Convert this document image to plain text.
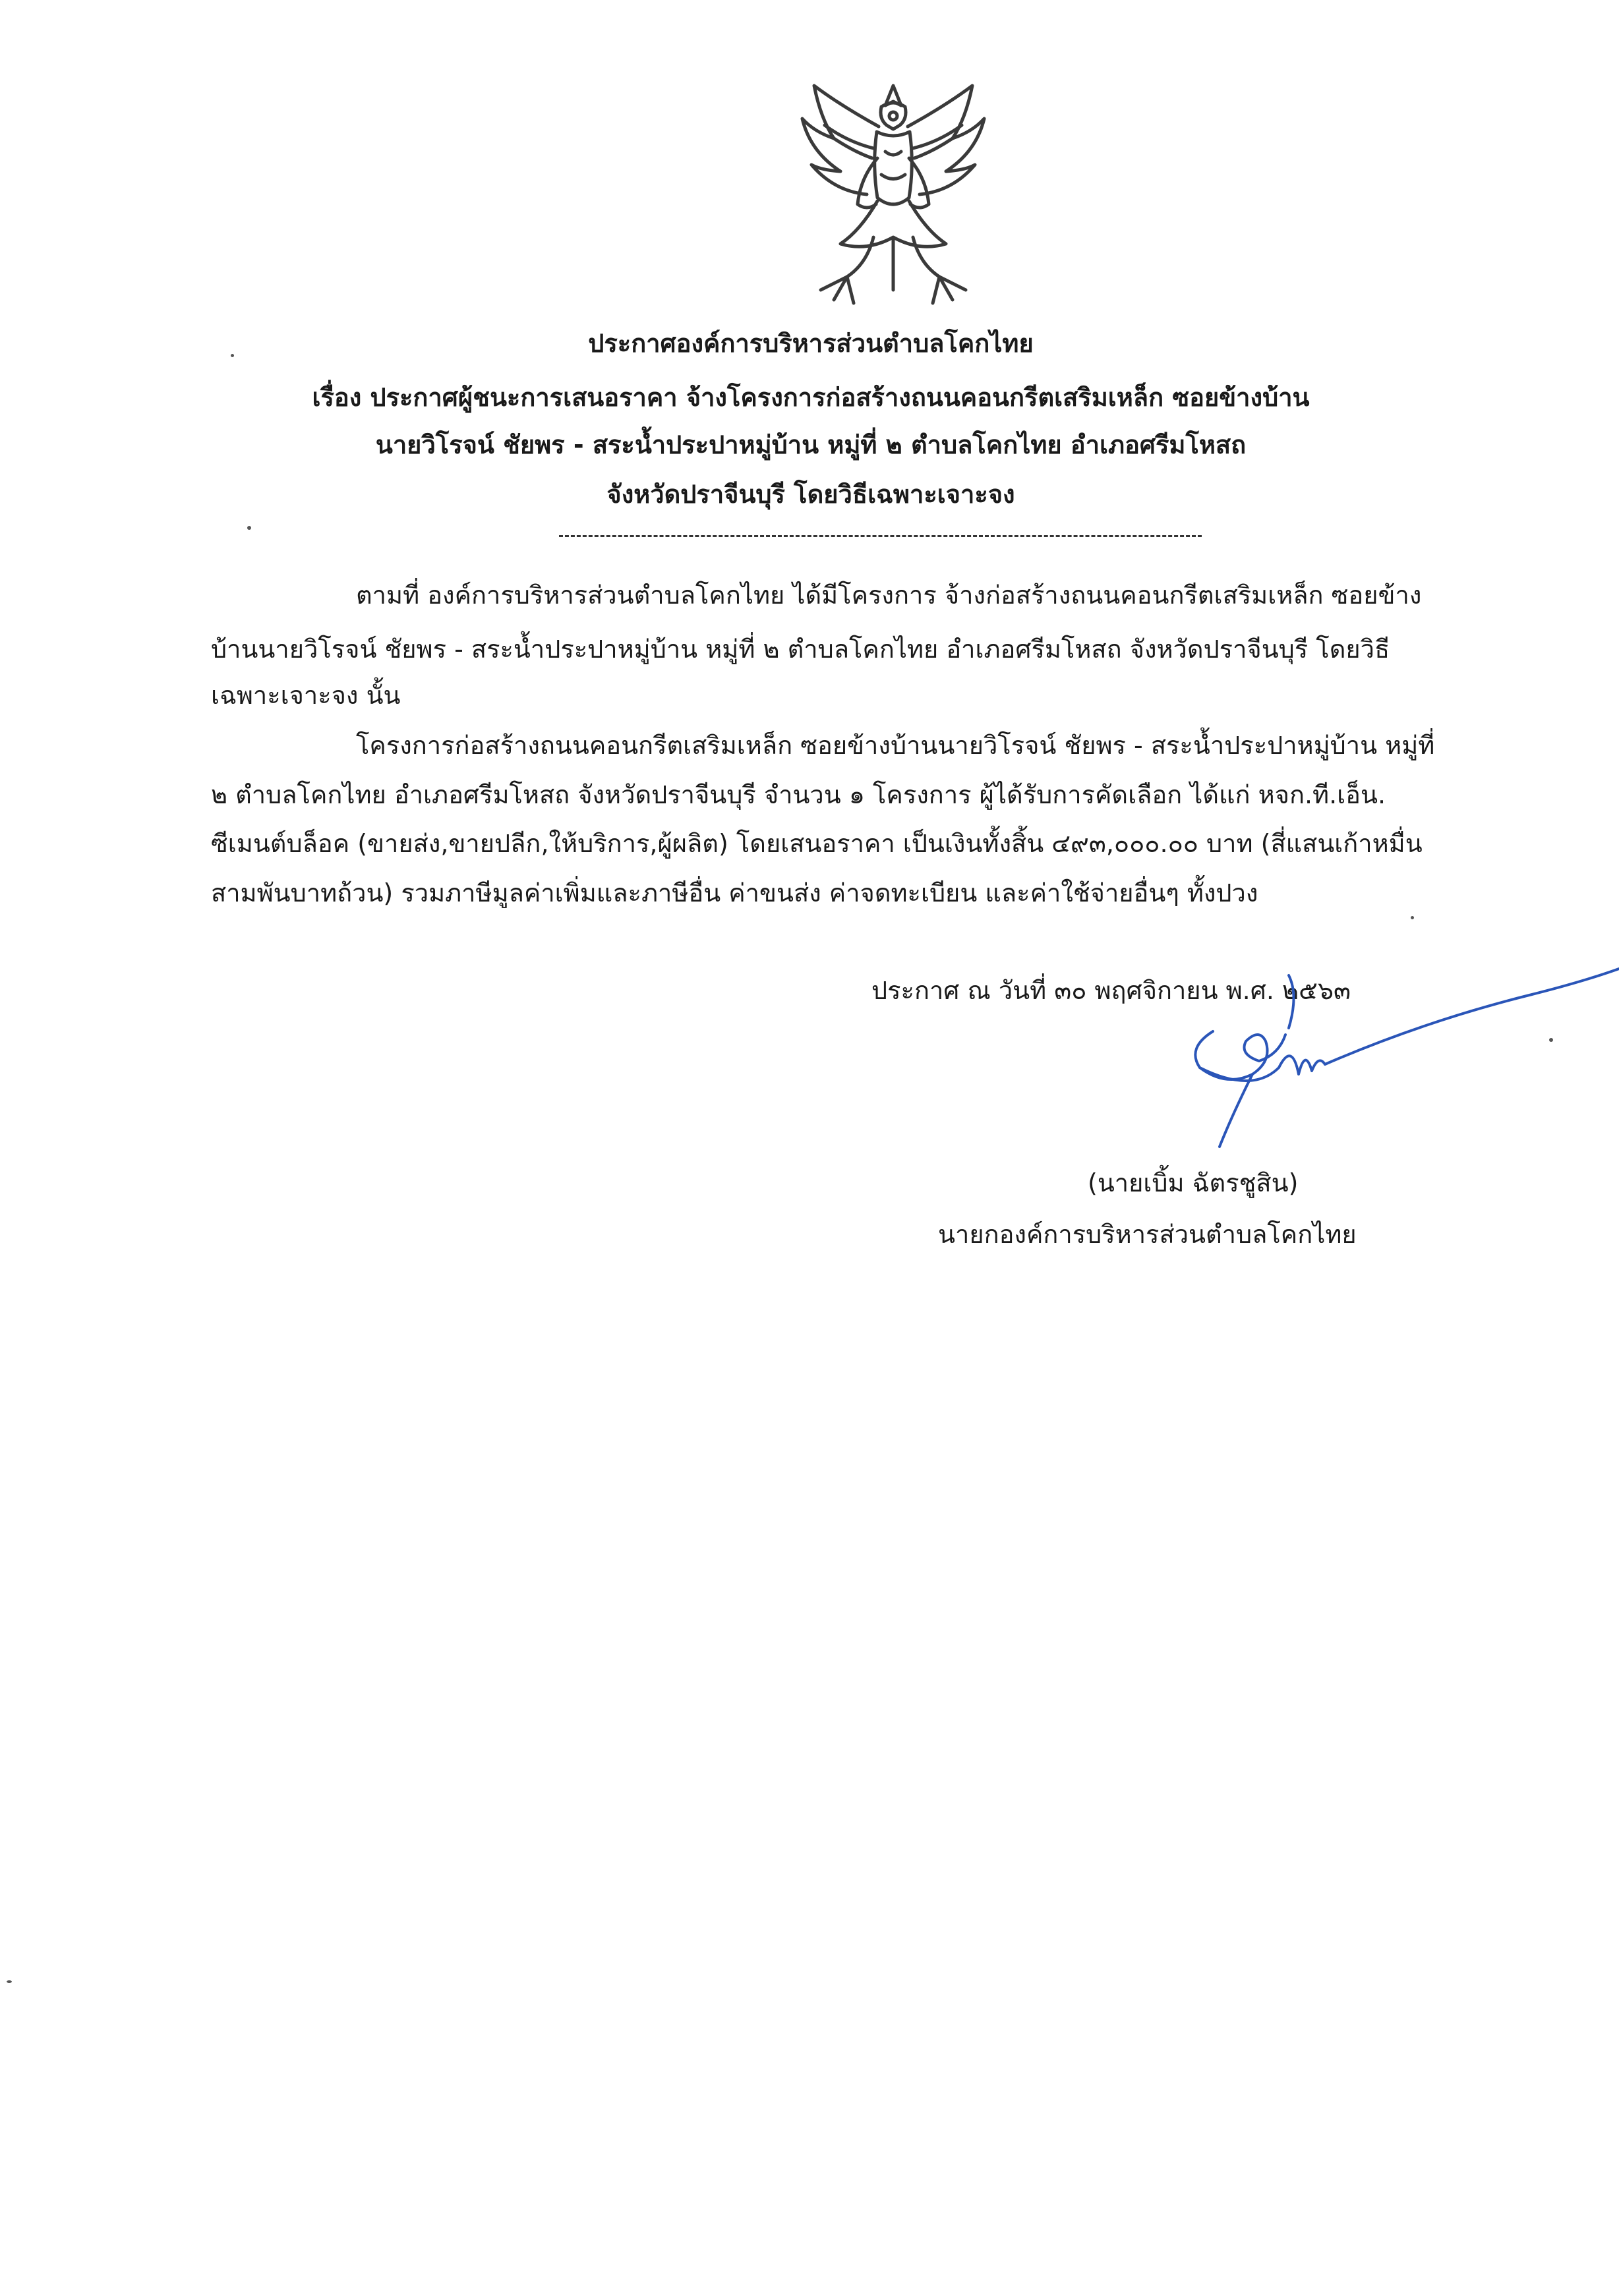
ประกาศองค์การบริหารส่วนตำบลโคกไทย
เรื่อง ประกาศผู้ชนะการเสนอราคา จ้างโครงการก่อสร้างถนนคอนกรีตเสริมเหล็ก ซอยข้างบ้าน
นายวิโรจน์ ชัยพร - สระน้ำประปาหมู่บ้าน หมู่ที่ ๒ ตำบลโคกไทย อำเภอศรีมโหสถ
จังหวัดปราจีนบุรี โดยวิธีเฉพาะเจาะจง
ตามที่ องค์การบริหารส่วนตำบลโคกไทย ได้มีโครงการ จ้างก่อสร้างถนนคอนกรีตเสริมเหล็ก ซอยข้าง
บ้านนายวิโรจน์ ชัยพร - สระน้ำประปาหมู่บ้าน หมู่ที่ ๒ ตำบลโคกไทย อำเภอศรีมโหสถ จังหวัดปราจีนบุรี โดยวิธี
เฉพาะเจาะจง นั้น
โครงการก่อสร้างถนนคอนกรีตเสริมเหล็ก ซอยข้างบ้านนายวิโรจน์ ชัยพร - สระน้ำประปาหมู่บ้าน หมู่ที่
๒ ตำบลโคกไทย อำเภอศรีมโหสถ จังหวัดปราจีนบุรี จำนวน ๑ โครงการ ผู้ได้รับการคัดเลือก ได้แก่ หจก.ที.เอ็น.
ซีเมนต์บล็อค (ขายส่ง,ขายปลีก,ให้บริการ,ผู้ผลิต) โดยเสนอราคา เป็นเงินทั้งสิ้น ๔๙๓,๐๐๐.๐๐ บาท (สี่แสนเก้าหมื่น
สามพันบาทถ้วน) รวมภาษีมูลค่าเพิ่มและภาษีอื่น ค่าขนส่ง ค่าจดทะเบียน และค่าใช้จ่ายอื่นๆ ทั้งปวง
ประกาศ ณ วันที่ ๓๐ พฤศจิกายน พ.ศ. ๒๕๖๓
(นายเบิ้ม ฉัตรชูสิน)
นายกองค์การบริหารส่วนตำบลโคกไทย
